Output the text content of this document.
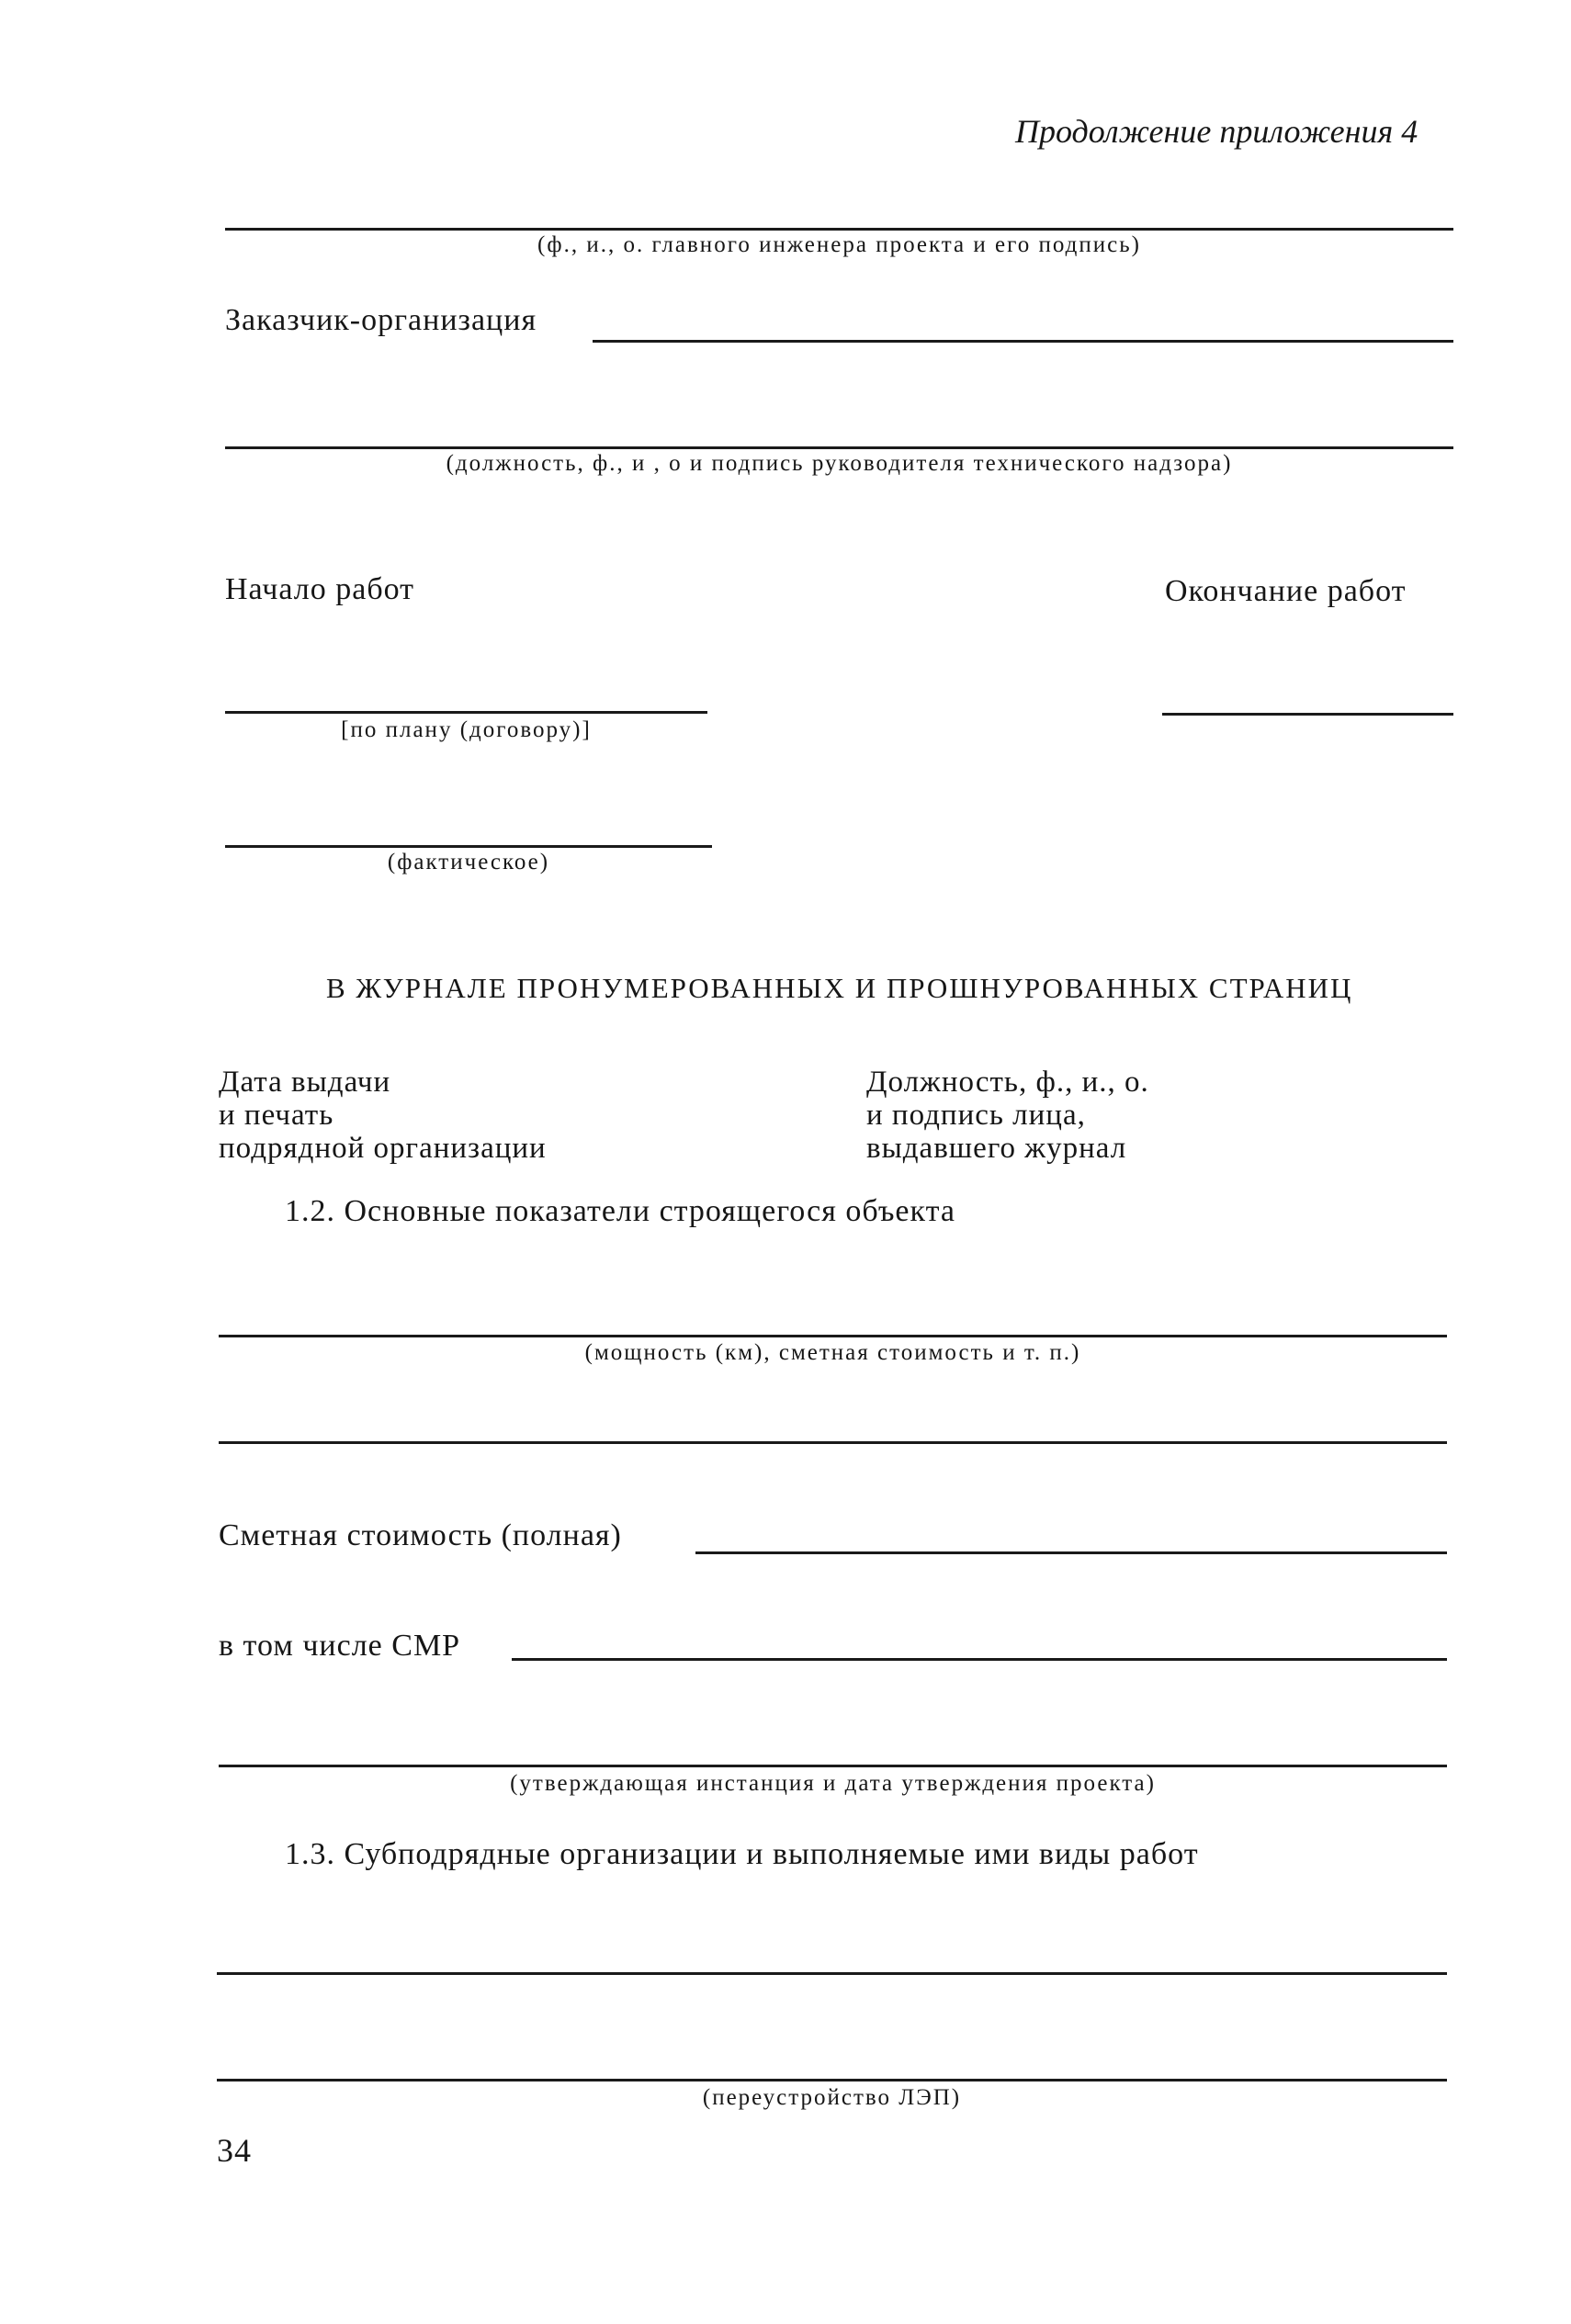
Продолжение приложения 4
(ф., и., о. главного инженера проекта и его подпись)
Заказчик-организация
(должность, ф., и , о и подпись руководителя технического надзора)
Начало работ	Окончание работ
[по плану (договору)]
(фактическое)
В ЖУРНАЛЕ ПРОНУМЕРОВАННЫХ И ПРОШНУРОВАННЫХ СТРАНИЦ
Дата выдачи
и печать
подрядной организации
Должность, ф., и., о.
и подпись лица,
выдавшего журнал
1.2. Основные показатели строящегося объекта
(мощность (км), сметная стоимость и т. п.)
Сметная стоимость (полная)
в том числе СМР
(утверждающая инстанция и дата утверждения проекта)
1.3. Субподрядные организации и выполняемые ими виды работ
(переустройство ЛЭП)
34
